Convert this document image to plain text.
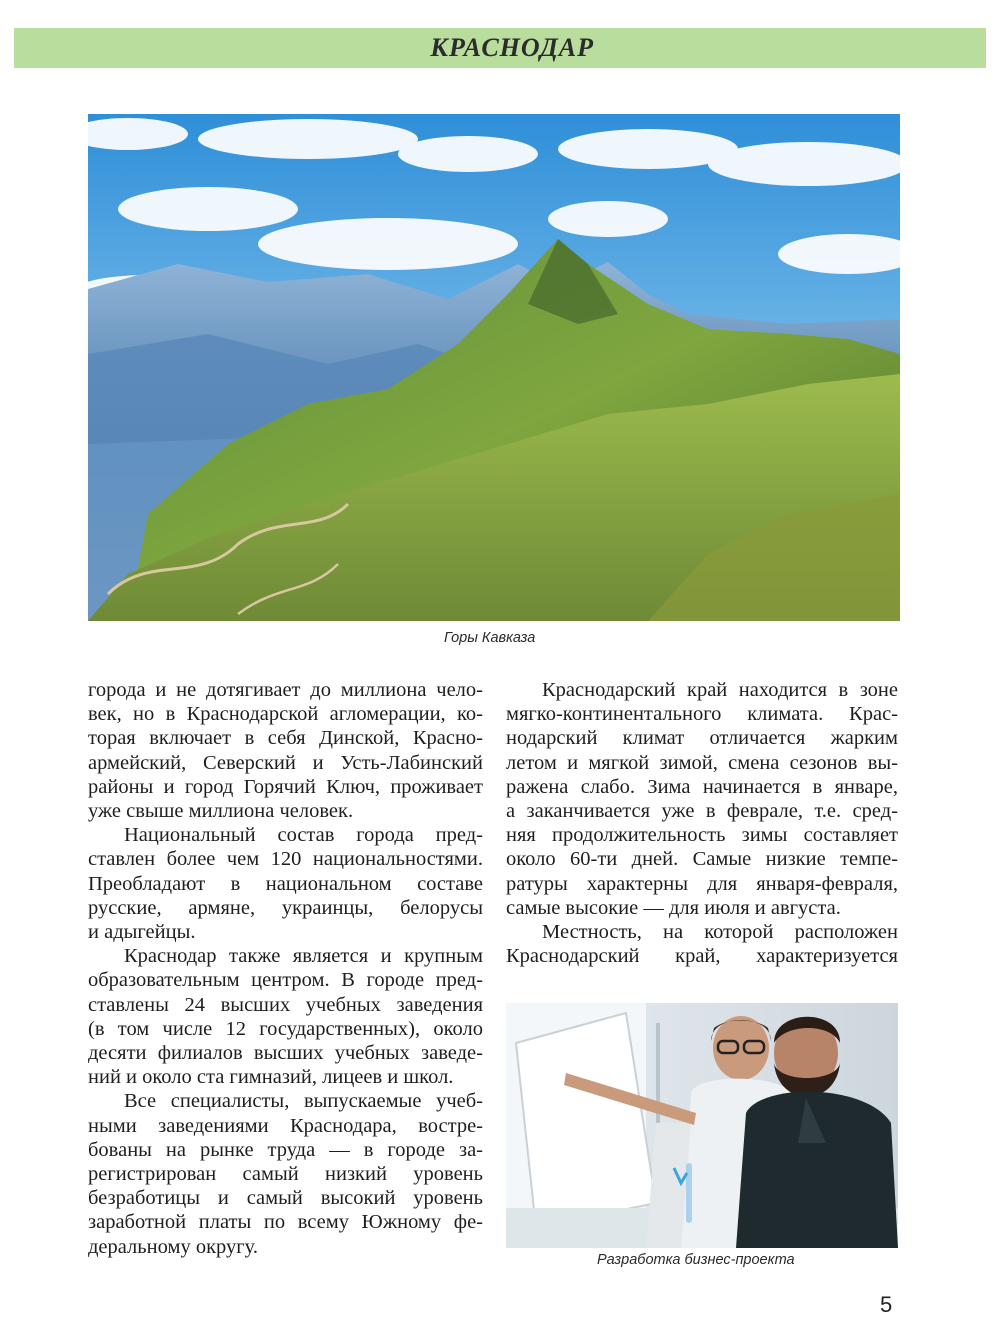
КРАСНОДАР
Горы Кавказа
города и не дотягивает до миллиона чело-
век, но в Краснодарской агломерации, ко-
торая включает в себя Динской, Красно-
армейский, Северский и Усть-Лабинский
районы и город Горячий Ключ, проживает
уже свыше миллиона человек.
Национальный состав города пред-
ставлен более чем 120 национальностями.
Преобладают в национальном составе
русские, армяне, украинцы, белорусы
и адыгейцы.
Краснодар также является и крупным
образовательным центром. В городе пред-
ставлены 24 высших учебных заведения
(в том числе 12 государственных), около
десяти филиалов высших учебных заведе-
ний и около ста гимназий, лицеев и школ.
Все специалисты, выпускаемые учеб-
ными заведениями Краснодара, востре-
бованы на рынке труда — в городе за-
регистрирован самый низкий уровень
безработицы и самый высокий уровень
заработной платы по всему Южному фе-
деральному округу.
Краснодарский край находится в зоне
мягко-континентального климата. Крас-
нодарский климат отличается жарким
летом и мягкой зимой, смена сезонов вы-
ражена слабо. Зима начинается в январе,
а заканчивается уже в феврале, т.е. сред-
няя продолжительность зимы составляет
около 60-ти дней. Самые низкие темпе-
ратуры характерны для января-февраля,
самые высокие — для июля и августа.
Местность, на которой расположен
Краснодарский край, характеризуется
Разработка бизнес-проекта
5
